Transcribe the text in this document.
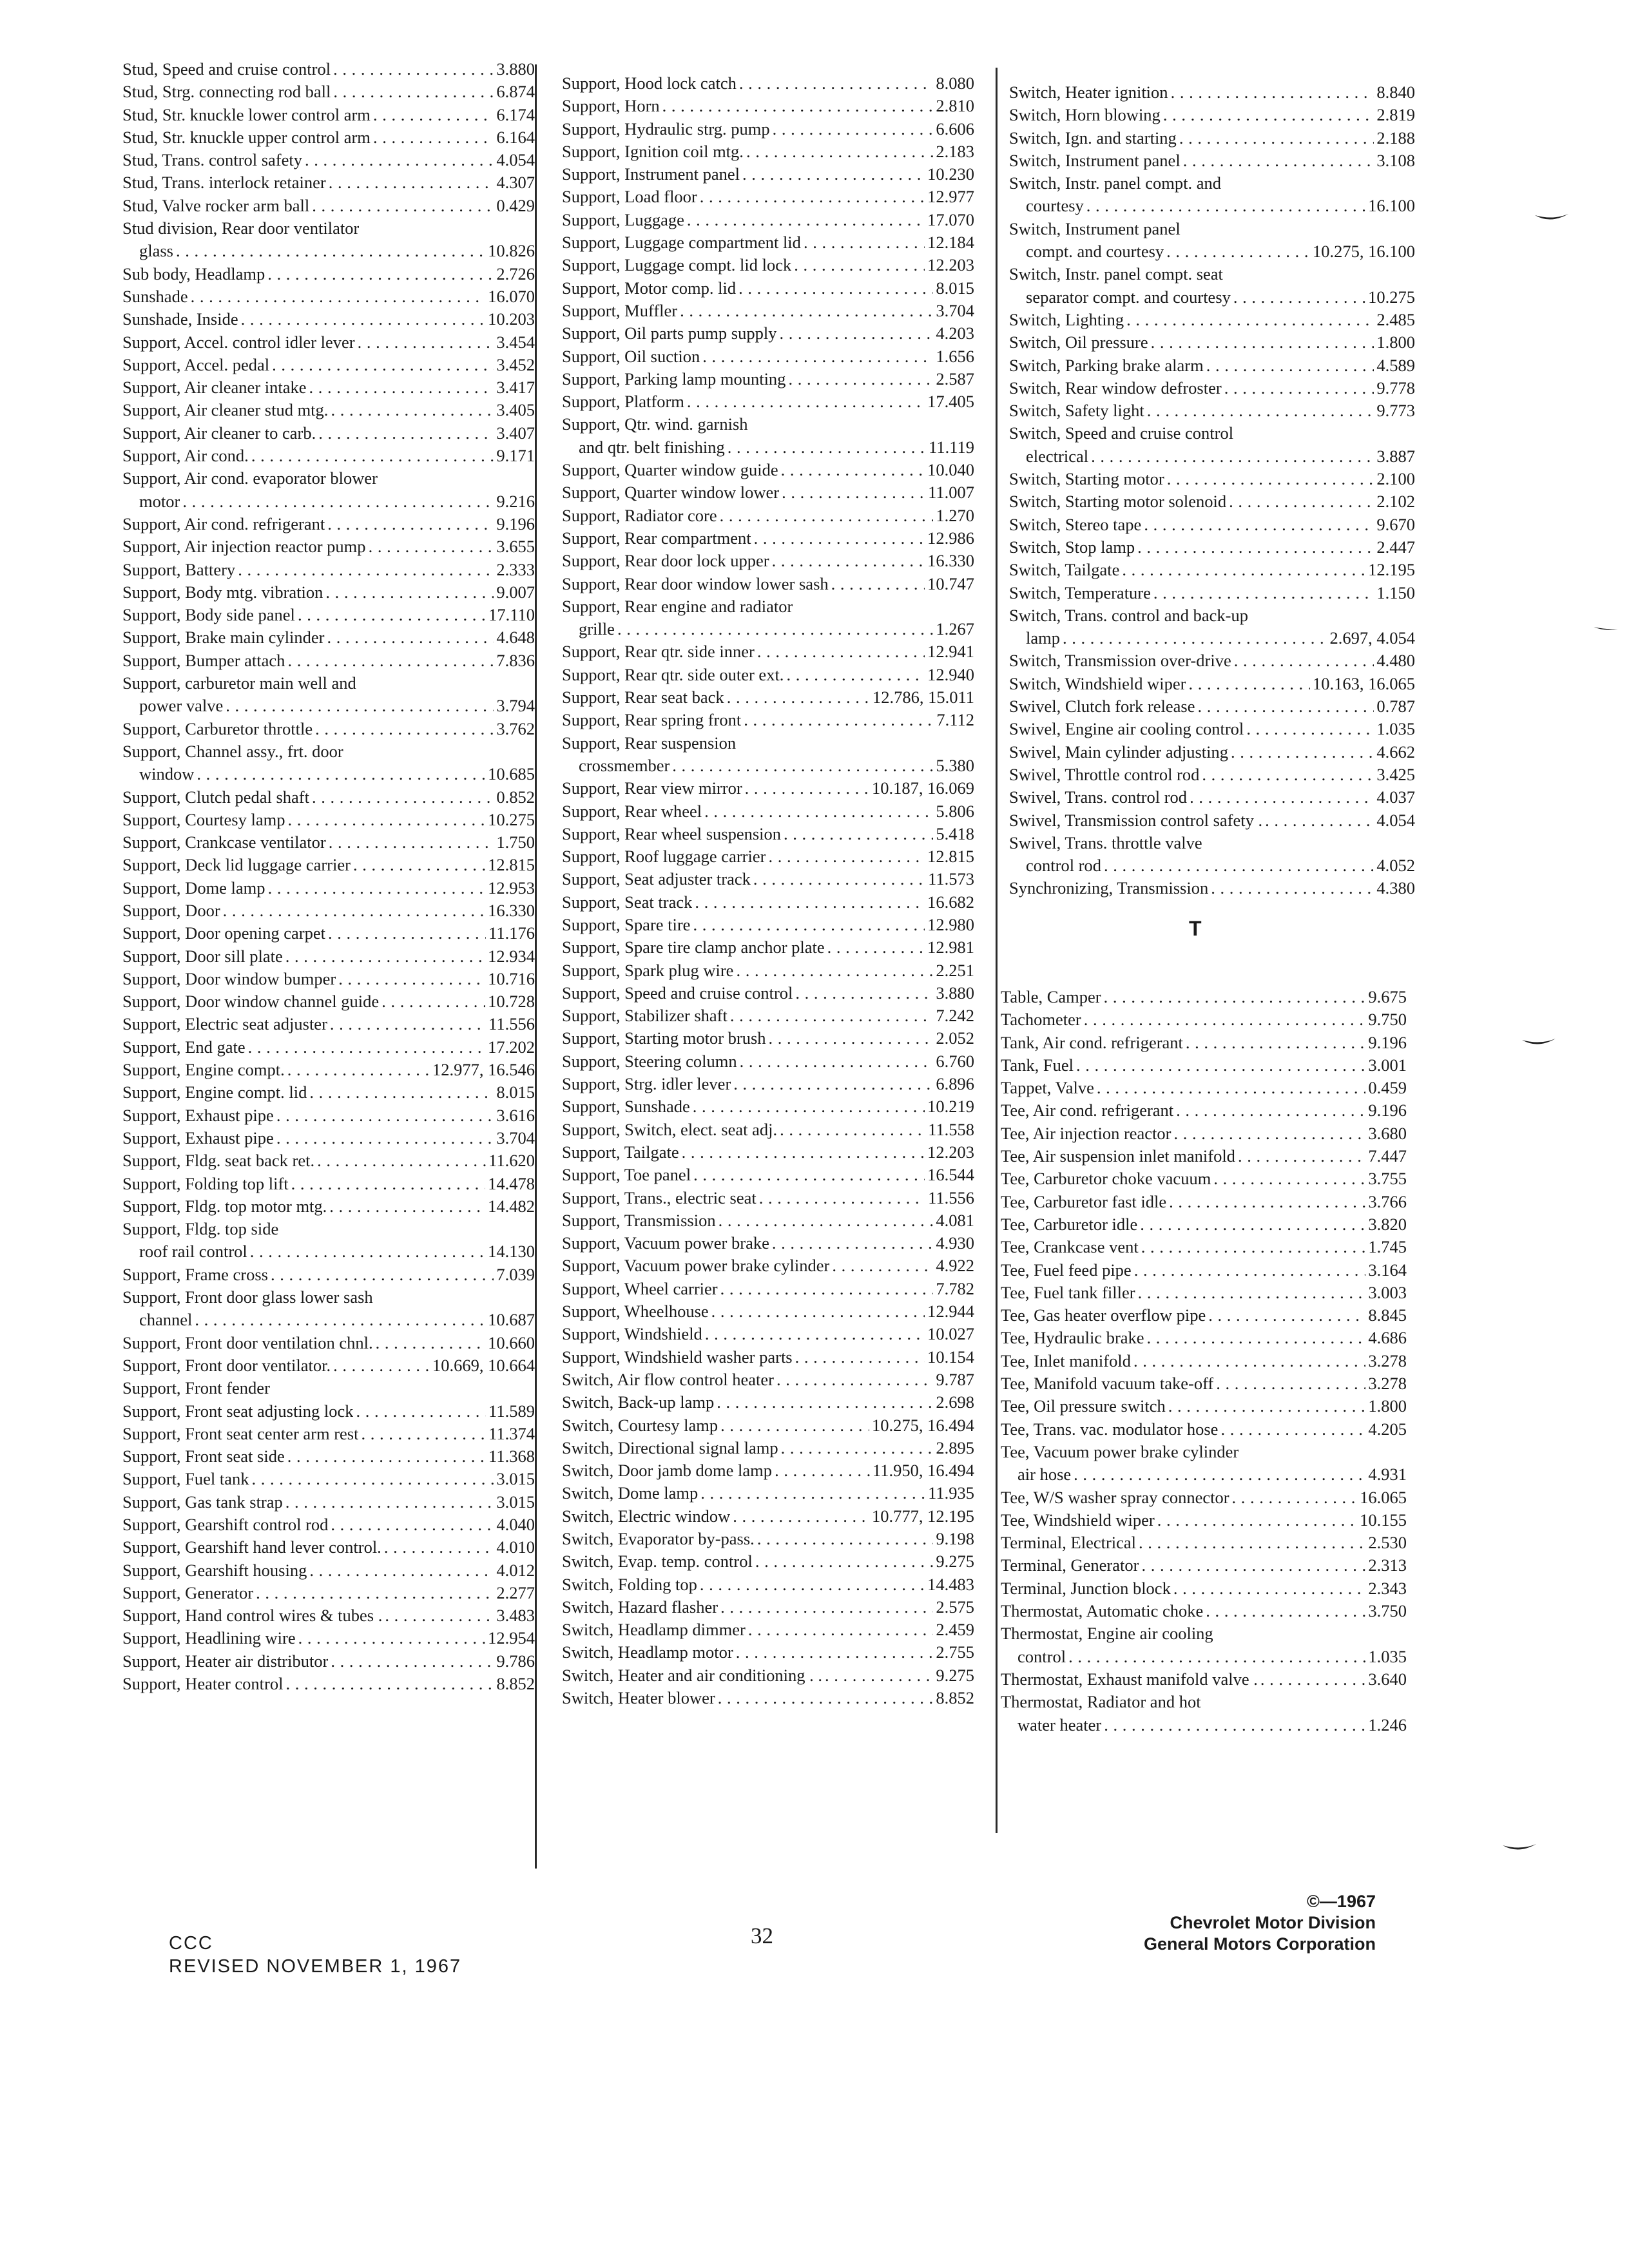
Stud, Speed and cruise control . . .	3.880
Stud, Strg. connecting rod ball . . .	6.874
Stud, Str. knuckle lower control arm . . .	6.174
Stud, Str. knuckle upper control arm . . .	6.164
Stud, Trans. control safety . . .	4.054
Stud, Trans. interlock retainer . . .	4.307
Stud, Valve rocker arm ball . . .	0.429
Stud division, Rear door ventilator
glass . . .	10.826
Sub body, Headlamp . . .	2.726
Sunshade . . .	16.070
Sunshade, Inside . . .	10.203
Support, Accel. control idler lever . . .	3.454
Support, Accel. pedal . . .	3.452
Support, Air cleaner intake . . .	3.417
Support, Air cleaner stud mtg. . . .	3.405
Support, Air cleaner to carb. . . .	3.407
Support, Air cond. . . .	9.171
Support, Air cond. evaporator blower
motor . . .	9.216
Support, Air cond. refrigerant . . .	9.196
Support, Air injection reactor pump . . .	3.655
Support, Battery . . .	2.333
Support, Body mtg. vibration . . .	9.007
Support, Body side panel . . .	17.110
Support, Brake main cylinder . . .	4.648
Support, Bumper attach . . .	7.836
Support, carburetor main well and
power valve . . .	3.794
Support, Carburetor throttle . . .	3.762
Support, Channel assy., frt. door
window . . .	10.685
Support, Clutch pedal shaft . . .	0.852
Support, Courtesy lamp . . .	10.275
Support, Crankcase ventilator . . .	1.750
Support, Deck lid luggage carrier . . .	12.815
Support, Dome lamp . . .	12.953
Support, Door . . .	16.330
Support, Door opening carpet . . .	11.176
Support, Door sill plate . . .	12.934
Support, Door window bumper . . .	10.716
Support, Door window channel guide . . .	10.728
Support, Electric seat adjuster . . .	11.556
Support, End gate . . .	17.202
Support, Engine compt. . . .	12.977, 16.546
Support, Engine compt. lid . . .	8.015
Support, Exhaust pipe . . .	3.616
Support, Exhaust pipe . . .	3.704
Support, Fldg. seat back ret. . . .	11.620
Support, Folding top lift . . .	14.478
Support, Fldg. top motor mtg. . . .	14.482
Support, Fldg. top side
roof rail control . . .	14.130
Support, Frame cross . . .	7.039
Support, Front door glass lower sash
channel . . .	10.687
Support, Front door ventilation chnl. . . .	10.660
Support, Front door ventilator. . . .	10.669, 10.664
Support, Front fender
Support, Front seat adjusting lock . . .	11.589
Support, Front seat center arm rest . . .	11.374
Support, Front seat side . . .	11.368
Support, Fuel tank . . .	3.015
Support, Gas tank strap . . .	3.015
Support, Gearshift control rod . . .	4.040
Support, Gearshift hand lever control. . . .	4.010
Support, Gearshift housing . . .	4.012
Support, Generator . . .	2.277
Support, Hand control wires & tubes . . . .	3.483
Support, Headlining wire . . .	12.954
Support, Heater air distributor . . .	9.786
Support, Heater control . . .	8.852
Support, Hood lock catch . . .	8.080
Support, Horn . . .	2.810
Support, Hydraulic strg. pump . . .	6.606
Support, Ignition coil mtg. . . .	2.183
Support, Instrument panel . . .	10.230
Support, Load floor . . .	12.977
Support, Luggage . . .	17.070
Support, Luggage compartment lid . . .	12.184
Support, Luggage compt. lid lock . . .	12.203
Support, Motor comp. lid . . .	8.015
Support, Muffler . . .	3.704
Support, Oil parts pump supply . . .	4.203
Support, Oil suction . . .	1.656
Support, Parking lamp mounting . . .	2.587
Support, Platform . . .	17.405
Support, Qtr. wind. garnish
and qtr. belt finishing . . .	11.119
Support, Quarter window guide . . .	10.040
Support, Quarter window lower . . .	11.007
Support, Radiator core . . .	1.270
Support, Rear compartment . . .	12.986
Support, Rear door lock upper . . .	16.330
Support, Rear door window lower sash . . .	10.747
Support, Rear engine and radiator
grille . . .	1.267
Support, Rear qtr. side inner . . .	12.941
Support, Rear qtr. side outer ext. . . .	12.940
Support, Rear seat back . . .	12.786, 15.011
Support, Rear spring front . . .	7.112
Support, Rear suspension
crossmember . . .	5.380
Support, Rear view mirror . . .	10.187, 16.069
Support, Rear wheel . . .	5.806
Support, Rear wheel suspension . . .	5.418
Support, Roof luggage carrier . . .	12.815
Support, Seat adjuster track . . .	11.573
Support, Seat track . . .	16.682
Support, Spare tire . . .	12.980
Support, Spare tire clamp anchor plate . . .	12.981
Support, Spark plug wire . . .	2.251
Support, Speed and cruise control . . .	3.880
Support, Stabilizer shaft . . .	7.242
Support, Starting motor brush . . .	2.052
Support, Steering column . . .	6.760
Support, Strg. idler lever . . .	6.896
Support, Sunshade . . .	10.219
Support, Switch, elect. seat adj. . . .	11.558
Support, Tailgate . . .	12.203
Support, Toe panel . . .	16.544
Support, Trans., electric seat . . .	11.556
Support, Transmission . . .	4.081
Support, Vacuum power brake . . .	4.930
Support, Vacuum power brake cylinder . . .	4.922
Support, Wheel carrier . . .	7.782
Support, Wheelhouse . . .	12.944
Support, Windshield . . .	10.027
Support, Windshield washer parts . . .	10.154
Switch, Air flow control heater . . .	9.787
Switch, Back-up lamp . . .	2.698
Switch, Courtesy lamp . . .	10.275, 16.494
Switch, Directional signal lamp . . .	2.895
Switch, Door jamb dome lamp . . .	11.950, 16.494
Switch, Dome lamp . . .	11.935
Switch, Electric window . . .	10.777, 12.195
Switch, Evaporator by-pass. . . .	9.198
Switch, Evap. temp. control . . .	9.275
Switch, Folding top . . .	14.483
Switch, Hazard flasher . . .	2.575
Switch, Headlamp dimmer . . .	2.459
Switch, Headlamp motor . . .	2.755
Switch, Heater and air conditioning . . . . .	9.275
Switch, Heater blower . . .	8.852
Switch, Heater ignition . . .	8.840
Switch, Horn blowing . . .	2.819
Switch, Ign. and starting . . .	2.188
Switch, Instrument panel . . .	3.108
Switch, Instr. panel compt. and
courtesy . . .	16.100
Switch, Instrument panel
compt. and courtesy . . .	10.275, 16.100
Switch, Instr. panel compt. seat
separator compt. and courtesy . . .	10.275
Switch, Lighting . . .	2.485
Switch, Oil pressure . . .	1.800
Switch, Parking brake alarm . . .	4.589
Switch, Rear window defroster . . .	9.778
Switch, Safety light . . .	9.773
Switch, Speed and cruise control
electrical . . .	3.887
Switch, Starting motor . . .	2.100
Switch, Starting motor solenoid . . .	2.102
Switch, Stereo tape . . .	9.670
Switch, Stop lamp . . .	2.447
Switch, Tailgate . . .	12.195
Switch, Temperature . . .	1.150
Switch, Trans. control and back-up
lamp . . .	2.697, 4.054
Switch, Transmission over-drive . . .	4.480
Switch, Windshield wiper . . .	10.163, 16.065
Swivel, Clutch fork release . . .	0.787
Swivel, Engine air cooling control . . .	1.035
Swivel, Main cylinder adjusting . . .	4.662
Swivel, Throttle control rod . . .	3.425
Swivel, Trans. control rod . . .	4.037
Swivel, Transmission control safety . . . .	4.054
Swivel, Trans. throttle valve
control rod . . .	4.052
Synchronizing, Transmission . . .	4.380
Table, Camper . . .	9.675
Tachometer . . .	9.750
Tank, Air cond. refrigerant . . .	9.196
Tank, Fuel . . .	3.001
Tappet, Valve . . .	0.459
Tee, Air cond. refrigerant . . .	9.196
Tee, Air injection reactor . . .	3.680
Tee, Air suspension inlet manifold . . .	7.447
Tee, Carburetor choke vacuum . . .	3.755
Tee, Carburetor fast idle . . .	3.766
Tee, Carburetor idle . . .	3.820
Tee, Crankcase vent . . .	1.745
Tee, Fuel feed pipe . . .	3.164
Tee, Fuel tank filler . . .	3.003
Tee, Gas heater overflow pipe . . .	8.845
Tee, Hydraulic brake . . .	4.686
Tee, Inlet manifold . . .	3.278
Tee, Manifold vacuum take-off . . .	3.278
Tee, Oil pressure switch . . .	1.800
Tee, Trans. vac. modulator hose . . .	4.205
Tee, Vacuum power brake cylinder
air hose . . .	4.931
Tee, W/S washer spray connector . . .	16.065
Tee, Windshield wiper . . .	10.155
Terminal, Electrical . . .	2.530
Terminal, Generator . . .	2.313
Terminal, Junction block . . .	2.343
Thermostat, Automatic choke . . .	3.750
Thermostat, Engine air cooling
control . . .	1.035
Thermostat, Exhaust manifold valve . . . .	3.640
Thermostat, Radiator and hot
water heater . . .	1.246
T
CCC
REVISED NOVEMBER 1, 1967
32
©—1967
Chevrolet Motor Division
General Motors Corporation
